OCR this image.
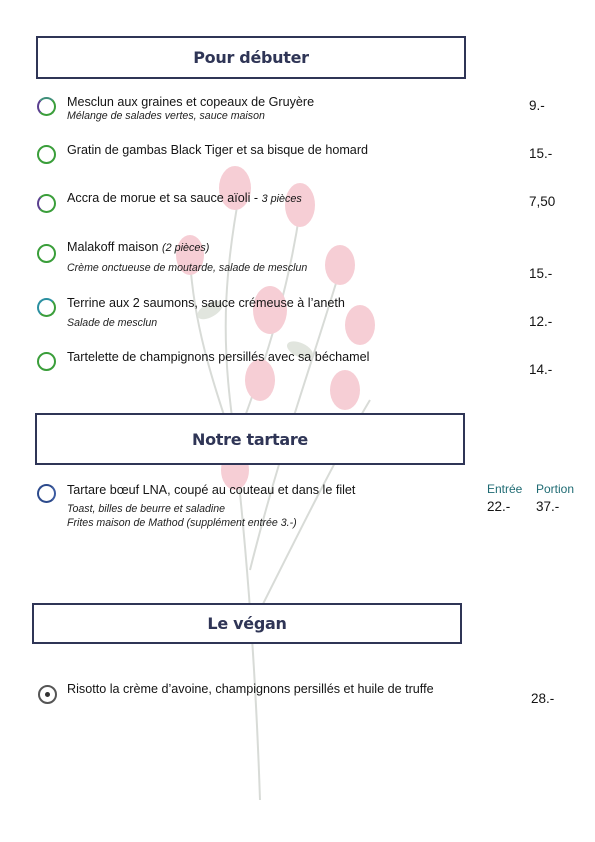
Pour débuter
Mesclun aux graines et copeaux de Gruyère
Mélange de salades vertes, sauce maison
9.-
Gratin de gambas Black Tiger et sa bisque de homard	15.-
Accra de morue et sa sauce aïoli - 3 pièces	7,50
Malakoff maison (2 pièces)
Crème onctueuse de moutarde, salade de mesclun	15.-
Terrine aux 2 saumons, sauce crémeuse à l’aneth
Salade de mesclun	12.-
Tartelette de champignons persillés avec sa béchamel
14.-
Notre tartare
Entrée Portion
Tartare bœuf LNA, coupé au couteau et dans le filet
Toast, billes de beurre et saladine
Frites maison de Mathod (supplément entrée 3.-)
22.- 37.-
Le végan
Risotto la crème d’avoine, champignons persillés et huile de truffe
28.-
